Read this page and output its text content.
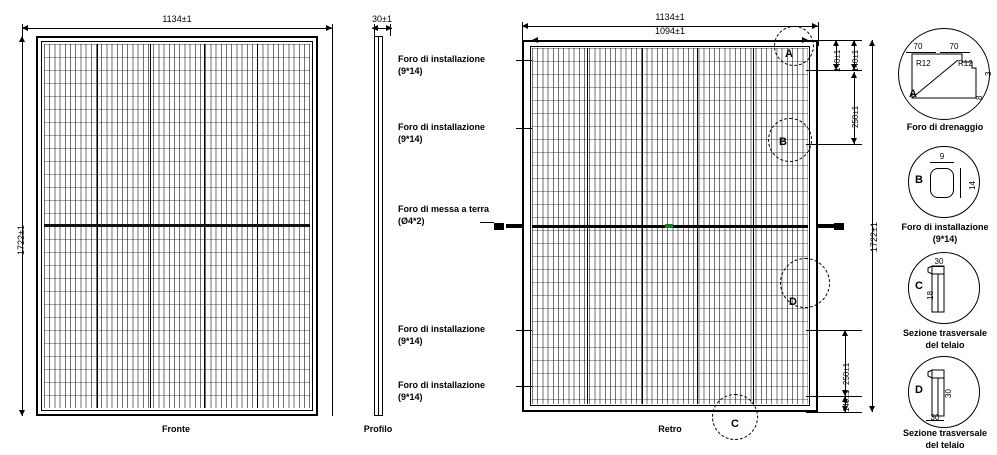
1134±1
1722±1
Fronte
30±1
Profilo
1134±1
1094±1
140±1 140±1
250±1
250±1
140±1
1722±1
A
B
D
C
Foro di installazione
(9*14)
Foro di installazione
(9*14)
Foro di messa a terra
(Ø4*2)
Foro di installazione
(9*14)
Foro di installazione
(9*14)
Retro
70	70
R12	R12
3
8
A
Foro di drenaggio
9
14
B
Foro di installazione
(9*14)
30
18
C
Sezione trasversale
del telaio
30
30
D
Sezione trasversale
del telaio
